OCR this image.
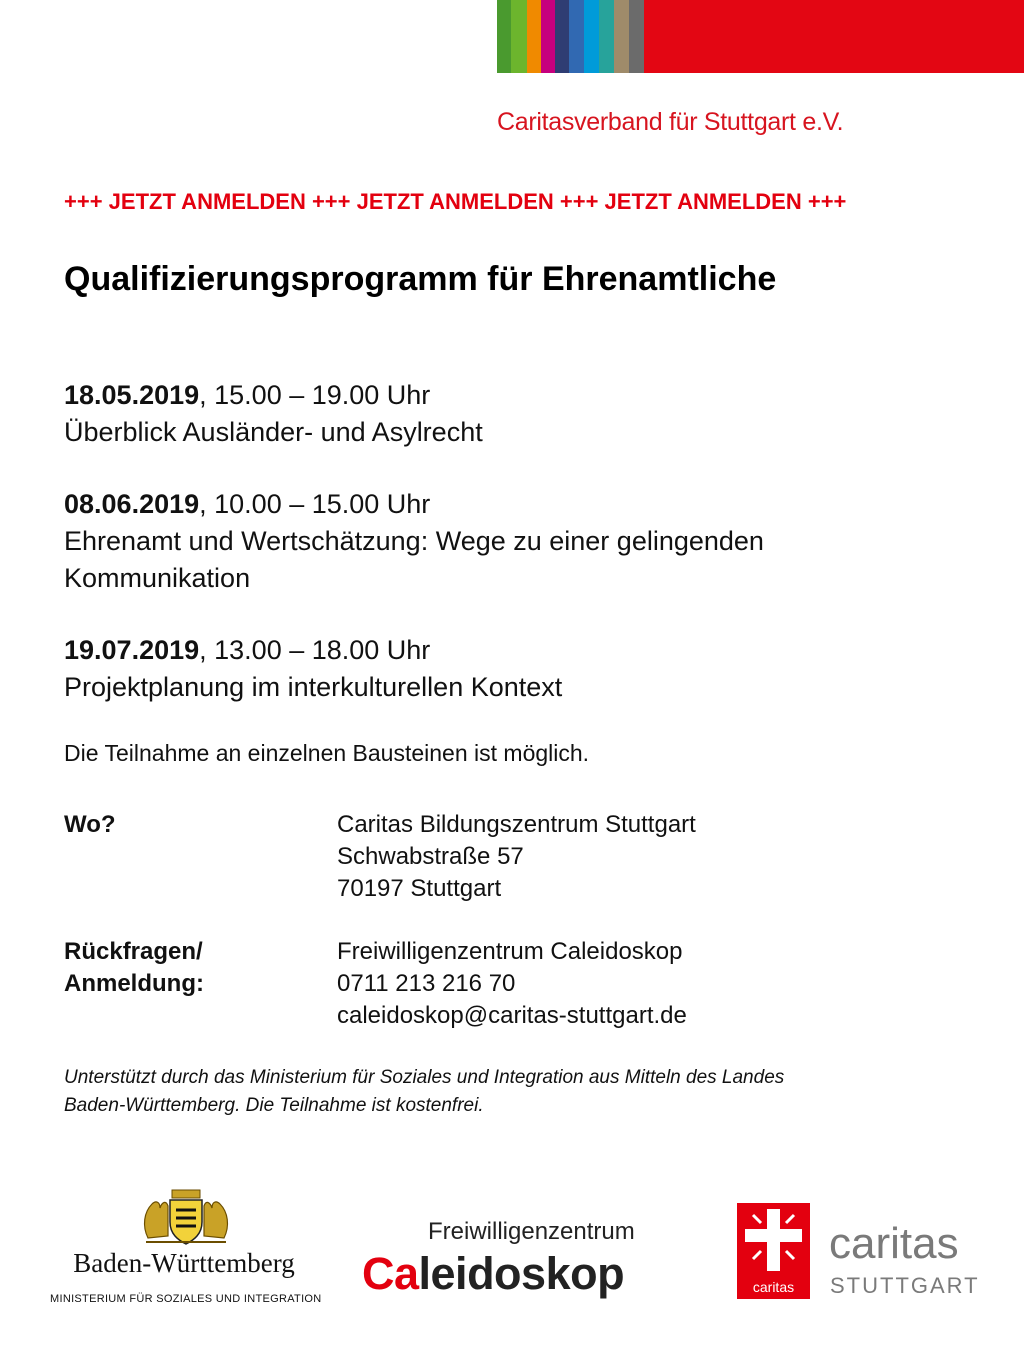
Caritasverband für Stuttgart e.V.
+++ JETZT ANMELDEN +++ JETZT ANMELDEN +++ JETZT ANMELDEN +++
Qualifizierungsprogramm für Ehrenamtliche
18.05.2019, 15.00 – 19.00 Uhr
Überblick Ausländer- und Asylrecht
08.06.2019, 10.00 – 15.00 Uhr
Ehrenamt und Wertschätzung: Wege zu einer gelingenden
Kommunikation
19.07.2019, 13.00 – 18.00 Uhr
Projektplanung im interkulturellen Kontext
Die Teilnahme an einzelnen Bausteinen ist möglich.
Wo?	Caritas Bildungszentrum Stuttgart
Schwabstraße 57
70197 Stuttgart
Rückfragen/
Anmeldung:
Freiwilligenzentrum Caleidoskop
0711 213 216 70
caleidoskop@caritas-stuttgart.de
Unterstützt durch das Ministerium für Soziales und Integration aus Mitteln des Landes
Baden-Württemberg. Die Teilnahme ist kostenfrei.
Baden-Württemberg
MINISTERIUM FÜR SOZIALES UND INTEGRATION
Freiwilligenzentrum
Caleidoskop	caritas
caritas
STUTTGART
